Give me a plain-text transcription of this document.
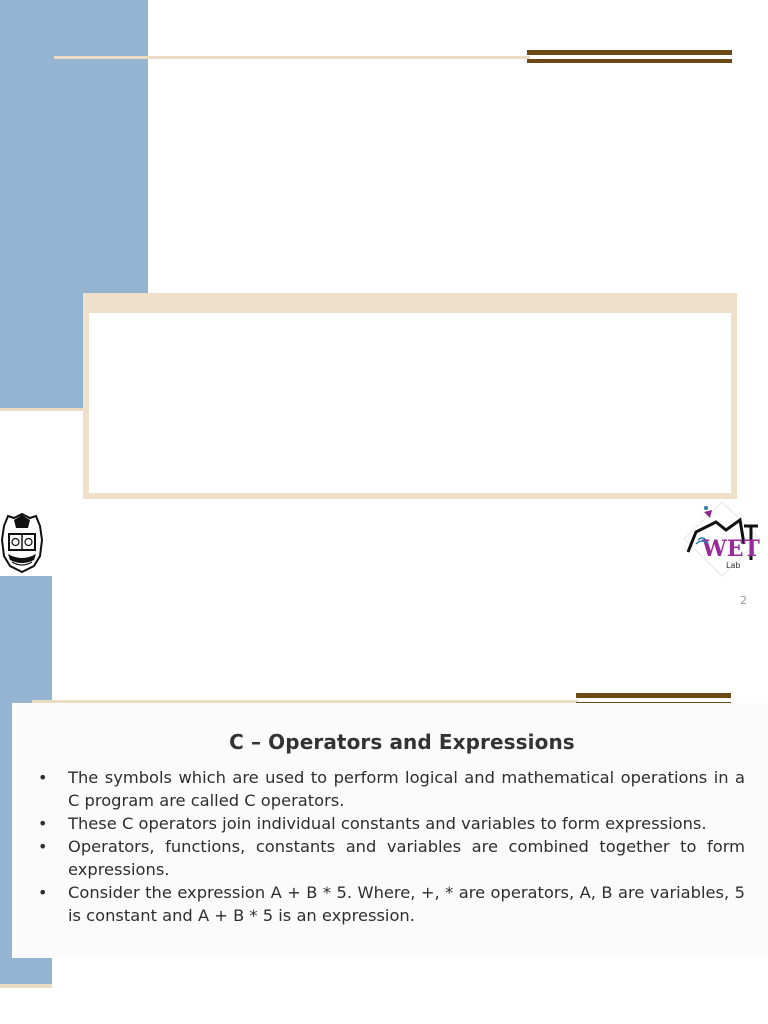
WET
Lab
2
C – Operators and Expressions
• The symbols which are used to perform logical and mathematical operations in a C program are called C operators.
• These C operators join individual constants and variables to form expressions.
• Operators, functions, constants and variables are combined together to form expressions.
• Consider the expression A + B * 5. Where, +, * are operators, A, B are variables, 5 is constant and A + B * 5 is an expression.
